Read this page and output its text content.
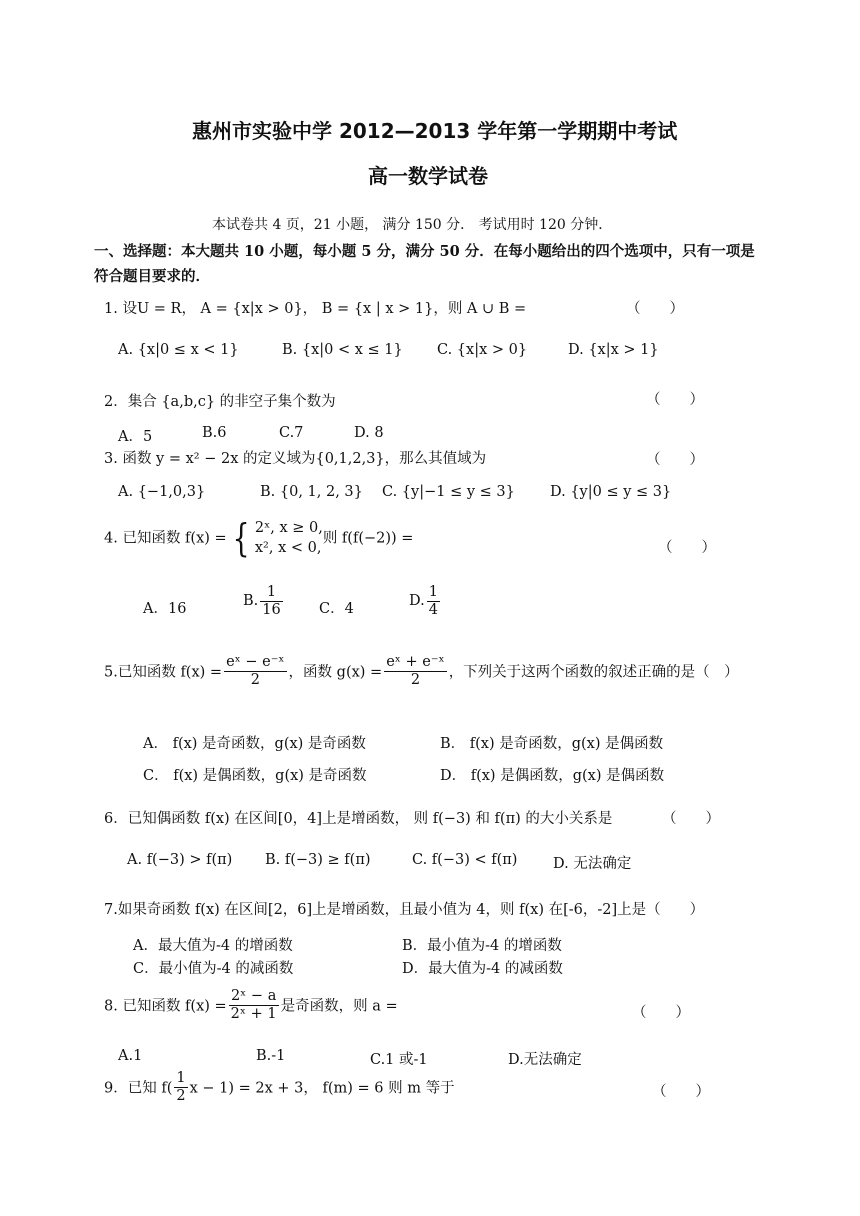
惠州市实验中学 2012—2013 学年第一学期期中考试
高一数学试卷
本试卷共 4 页，21 小题， 满分 150 分． 考试用时 120 分钟．
一、选择题：本大题共 10 小题，每小题 5 分，满分 50 分．在每小题给出的四个选项中，只有一项是
符合题目要求的．
1. 设U = R， A = {x|x > 0}， B = {x | x > 1}，则 A ∪ B =	（　　）
A. {x|0 ≤ x < 1}	B. {x|0 < x ≤ 1} C. {x|x > 0}	D. {x|x > 1}
2．集合 {a,b,c} 的非空子集个数为	（　　）
A．5	B.6	C.7	D. 8
3. 函数 y = x² − 2x 的定义域为{0,1,2,3}，那么其值域为	（　　）
A. {−1,0,3}	B. {0, 1, 2, 3} C. {y|−1 ≤ y ≤ 3} D. {y|0 ≤ y ≤ 3}
4. 已知函数 f(x) = { 2ˣ, x ≥ 0,
x², x < 0,
则 f(f(−2)) =
（　　）
A．16	B. $\frac{1}{16}$	C．4	D. $\frac{1}{4}$
5.已知函数 $f(x) = \frac{\text{eˣ − e⁻ˣ}}{2}$ ，函数 $g(x) = \frac{\text{eˣ + e⁻ˣ}}{2}$ ，下列关于这两个函数的叙述正确的是（　）
A． f(x) 是奇函数，g(x) 是奇函数	B． f(x) 是奇函数，g(x) 是偶函数
C． f(x) 是偶函数，g(x) 是奇函数	D． f(x) 是偶函数，g(x) 是偶函数
6．已知偶函数 f(x) 在区间[0，4]上是增函数， 则 f(−3) 和 f(π) 的大小关系是	（　　）
A. f(−3) > f(π) B. f(−3) ≥ f(π)	C. f(−3) < f(π) D. 无法确定
7.如果奇函数 f(x) 在区间[2，6]上是增函数，且最小值为 4，则 f(x) 在[-6，-2]上是（　　）
A．最大值为-4 的增函数	B．最小值为-4 的增函数
C．最小值为-4 的减函数	D．最大值为-4 的减函数
8. 已知函数 $f(x) = \frac{\text{2ˣ − a}}{\text{2ˣ + 1}}$ 是奇函数，则 a =	（　　）
A.1	B.-1	C.1 或-1	D.无法确定
9．已知 $f( \frac{1}{2}$ x − 1) = 2x + 3， f(m) = 6 则 m 等于	（　　）
